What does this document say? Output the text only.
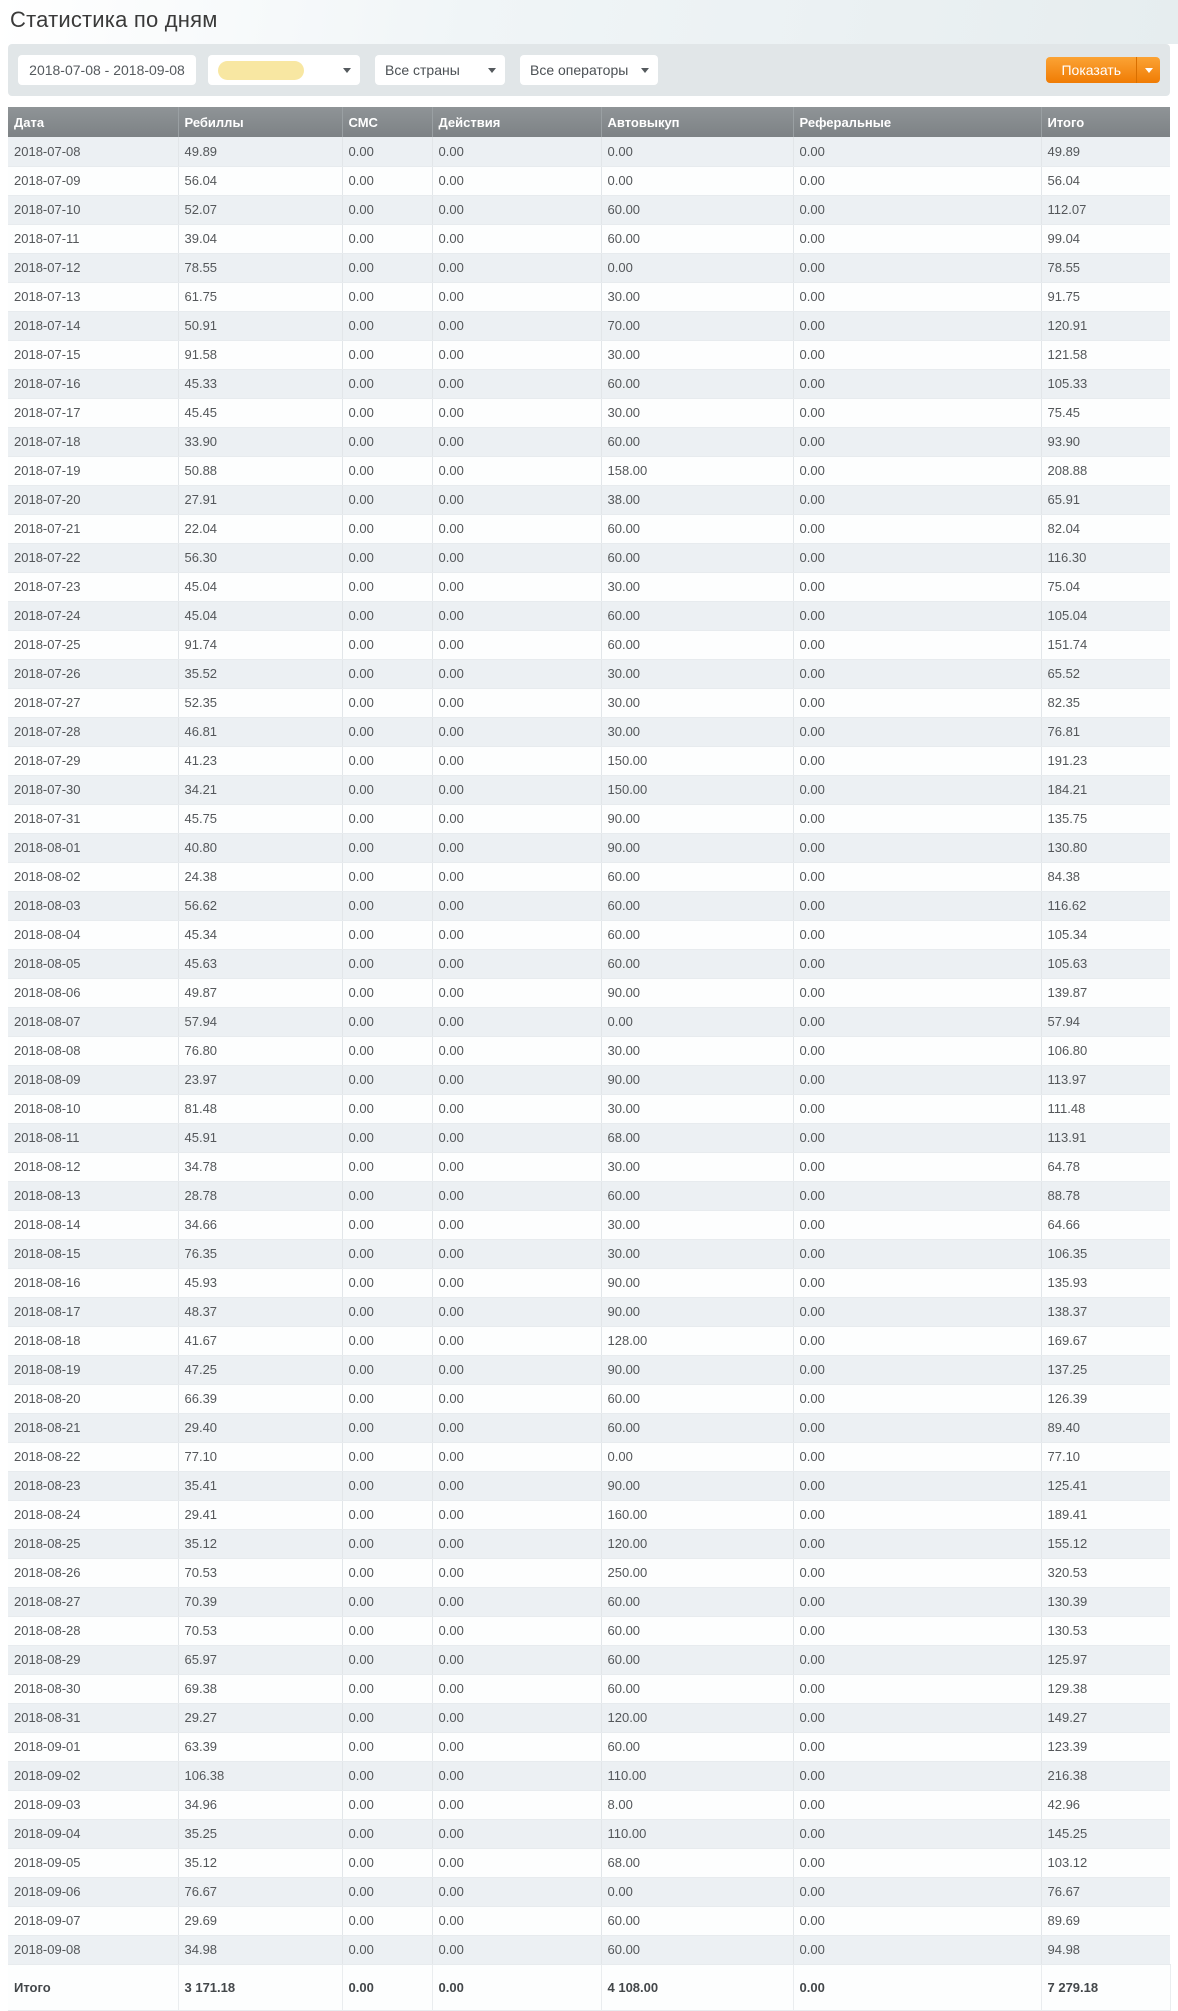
Статистика по дням
2018-07-08 - 2018-09-08
Все страны	Все операторы	Показать
Дата	Ребиллы	СМС	Действия	Автовыкуп	Реферальные	Итого
2018-07-08	49.89	0.00	0.00	0.00	0.00	49.89
2018-07-09	56.04	0.00	0.00	0.00	0.00	56.04
2018-07-10	52.07	0.00	0.00	60.00	0.00	112.07
2018-07-11	39.04	0.00	0.00	60.00	0.00	99.04
2018-07-12	78.55	0.00	0.00	0.00	0.00	78.55
2018-07-13	61.75	0.00	0.00	30.00	0.00	91.75
2018-07-14	50.91	0.00	0.00	70.00	0.00	120.91
2018-07-15	91.58	0.00	0.00	30.00	0.00	121.58
2018-07-16	45.33	0.00	0.00	60.00	0.00	105.33
2018-07-17	45.45	0.00	0.00	30.00	0.00	75.45
2018-07-18	33.90	0.00	0.00	60.00	0.00	93.90
2018-07-19	50.88	0.00	0.00	158.00	0.00	208.88
2018-07-20	27.91	0.00	0.00	38.00	0.00	65.91
2018-07-21	22.04	0.00	0.00	60.00	0.00	82.04
2018-07-22	56.30	0.00	0.00	60.00	0.00	116.30
2018-07-23	45.04	0.00	0.00	30.00	0.00	75.04
2018-07-24	45.04	0.00	0.00	60.00	0.00	105.04
2018-07-25	91.74	0.00	0.00	60.00	0.00	151.74
2018-07-26	35.52	0.00	0.00	30.00	0.00	65.52
2018-07-27	52.35	0.00	0.00	30.00	0.00	82.35
2018-07-28	46.81	0.00	0.00	30.00	0.00	76.81
2018-07-29	41.23	0.00	0.00	150.00	0.00	191.23
2018-07-30	34.21	0.00	0.00	150.00	0.00	184.21
2018-07-31	45.75	0.00	0.00	90.00	0.00	135.75
2018-08-01	40.80	0.00	0.00	90.00	0.00	130.80
2018-08-02	24.38	0.00	0.00	60.00	0.00	84.38
2018-08-03	56.62	0.00	0.00	60.00	0.00	116.62
2018-08-04	45.34	0.00	0.00	60.00	0.00	105.34
2018-08-05	45.63	0.00	0.00	60.00	0.00	105.63
2018-08-06	49.87	0.00	0.00	90.00	0.00	139.87
2018-08-07	57.94	0.00	0.00	0.00	0.00	57.94
2018-08-08	76.80	0.00	0.00	30.00	0.00	106.80
2018-08-09	23.97	0.00	0.00	90.00	0.00	113.97
2018-08-10	81.48	0.00	0.00	30.00	0.00	111.48
2018-08-11	45.91	0.00	0.00	68.00	0.00	113.91
2018-08-12	34.78	0.00	0.00	30.00	0.00	64.78
2018-08-13	28.78	0.00	0.00	60.00	0.00	88.78
2018-08-14	34.66	0.00	0.00	30.00	0.00	64.66
2018-08-15	76.35	0.00	0.00	30.00	0.00	106.35
2018-08-16	45.93	0.00	0.00	90.00	0.00	135.93
2018-08-17	48.37	0.00	0.00	90.00	0.00	138.37
2018-08-18	41.67	0.00	0.00	128.00	0.00	169.67
2018-08-19	47.25	0.00	0.00	90.00	0.00	137.25
2018-08-20	66.39	0.00	0.00	60.00	0.00	126.39
2018-08-21	29.40	0.00	0.00	60.00	0.00	89.40
2018-08-22	77.10	0.00	0.00	0.00	0.00	77.10
2018-08-23	35.41	0.00	0.00	90.00	0.00	125.41
2018-08-24	29.41	0.00	0.00	160.00	0.00	189.41
2018-08-25	35.12	0.00	0.00	120.00	0.00	155.12
2018-08-26	70.53	0.00	0.00	250.00	0.00	320.53
2018-08-27	70.39	0.00	0.00	60.00	0.00	130.39
2018-08-28	70.53	0.00	0.00	60.00	0.00	130.53
2018-08-29	65.97	0.00	0.00	60.00	0.00	125.97
2018-08-30	69.38	0.00	0.00	60.00	0.00	129.38
2018-08-31	29.27	0.00	0.00	120.00	0.00	149.27
2018-09-01	63.39	0.00	0.00	60.00	0.00	123.39
2018-09-02	106.38	0.00	0.00	110.00	0.00	216.38
2018-09-03	34.96	0.00	0.00	8.00	0.00	42.96
2018-09-04	35.25	0.00	0.00	110.00	0.00	145.25
2018-09-05	35.12	0.00	0.00	68.00	0.00	103.12
2018-09-06	76.67	0.00	0.00	0.00	0.00	76.67
2018-09-07	29.69	0.00	0.00	60.00	0.00	89.69
2018-09-08	34.98	0.00	0.00	60.00	0.00	94.98
Итого	3 171.18	0.00	0.00	4 108.00	0.00	7 279.18
